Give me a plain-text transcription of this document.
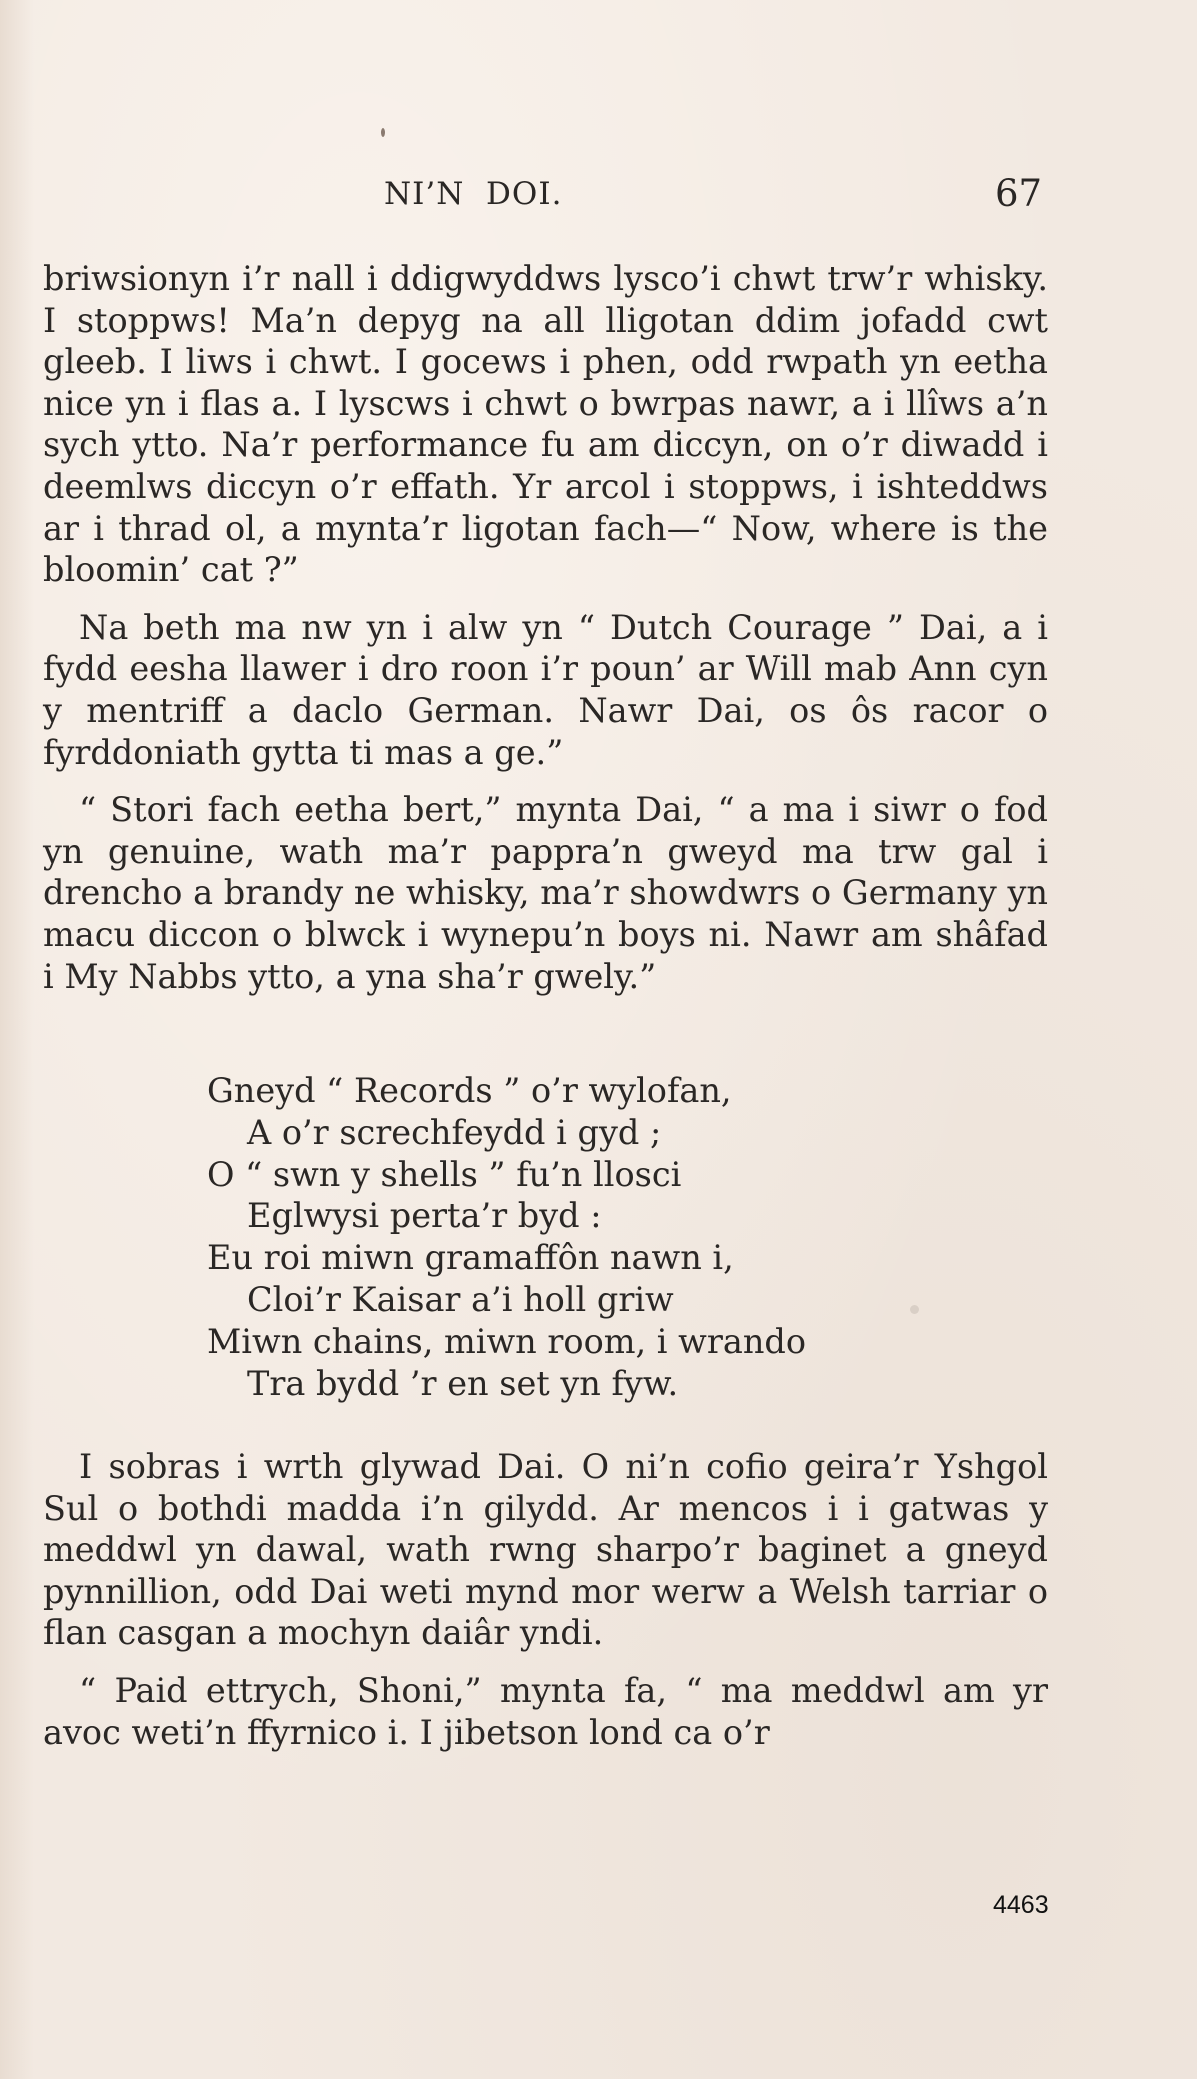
NI’N  DOI.	67

briwsionyn i’r nall i ddigwyddws lysco’i chwt trw’r whisky. I stoppws! Ma’n depyg na all lligotan ddim jofadd cwt gleeb. I liws i chwt. I gocews i phen, odd rwpath yn eetha nice yn i flas a. I lyscws i chwt o bwrpas nawr, a i llîws a’n sych ytto. Na’r performance fu am diccyn, on o’r diwadd i deemlws diccyn o’r effath. Yr arcol i stoppws, i ishteddws ar i thrad ol, a mynta’r ligotan fach—“ Now, where is the bloomin’ cat ?”

Na beth ma nw yn i alw yn “ Dutch Courage ” Dai, a i fydd eesha llawer i dro roon i’r poun’ ar Will mab Ann cyn y mentriff a daclo German. Nawr Dai, os ôs racor o fyrddoniath gytta ti mas a ge.”

“ Stori fach eetha bert,” mynta Dai, “ a ma i siwr o fod yn genuine, wath ma’r pappra’n gweyd ma trw gal i drencho a brandy ne whisky, ma’r showdwrs o Germany yn macu diccon o blwck i wynepu’n boys ni. Nawr am shâfad i My Nabbs ytto, a yna sha’r gwely.”

Gneyd “ Records ” o’r wylofan,
A o’r screchfeydd i gyd ;
O “ swn y shells ” fu’n llosci
Eglwysi perta’r byd :
Eu roi miwn gramaffôn nawn i,
Cloi’r Kaisar a’i holl griw
Miwn chains, miwn room, i wrando
Tra bydd ’r en set yn fyw.

I sobras i wrth glywad Dai. O ni’n cofio geira’r Yshgol Sul o bothdi madda i’n gilydd. Ar mencos i i gatwas y meddwl yn dawal, wath rwng sharpo’r baginet a gneyd pynnillion, odd Dai weti mynd mor werw a Welsh tarriar o flan casgan a mochyn daiâr yndi.

“ Paid ettrych, Shoni,” mynta fa, “ ma meddwl am yr avoc weti’n ffyrnico i. I jibetson lond ca o’r

4463
